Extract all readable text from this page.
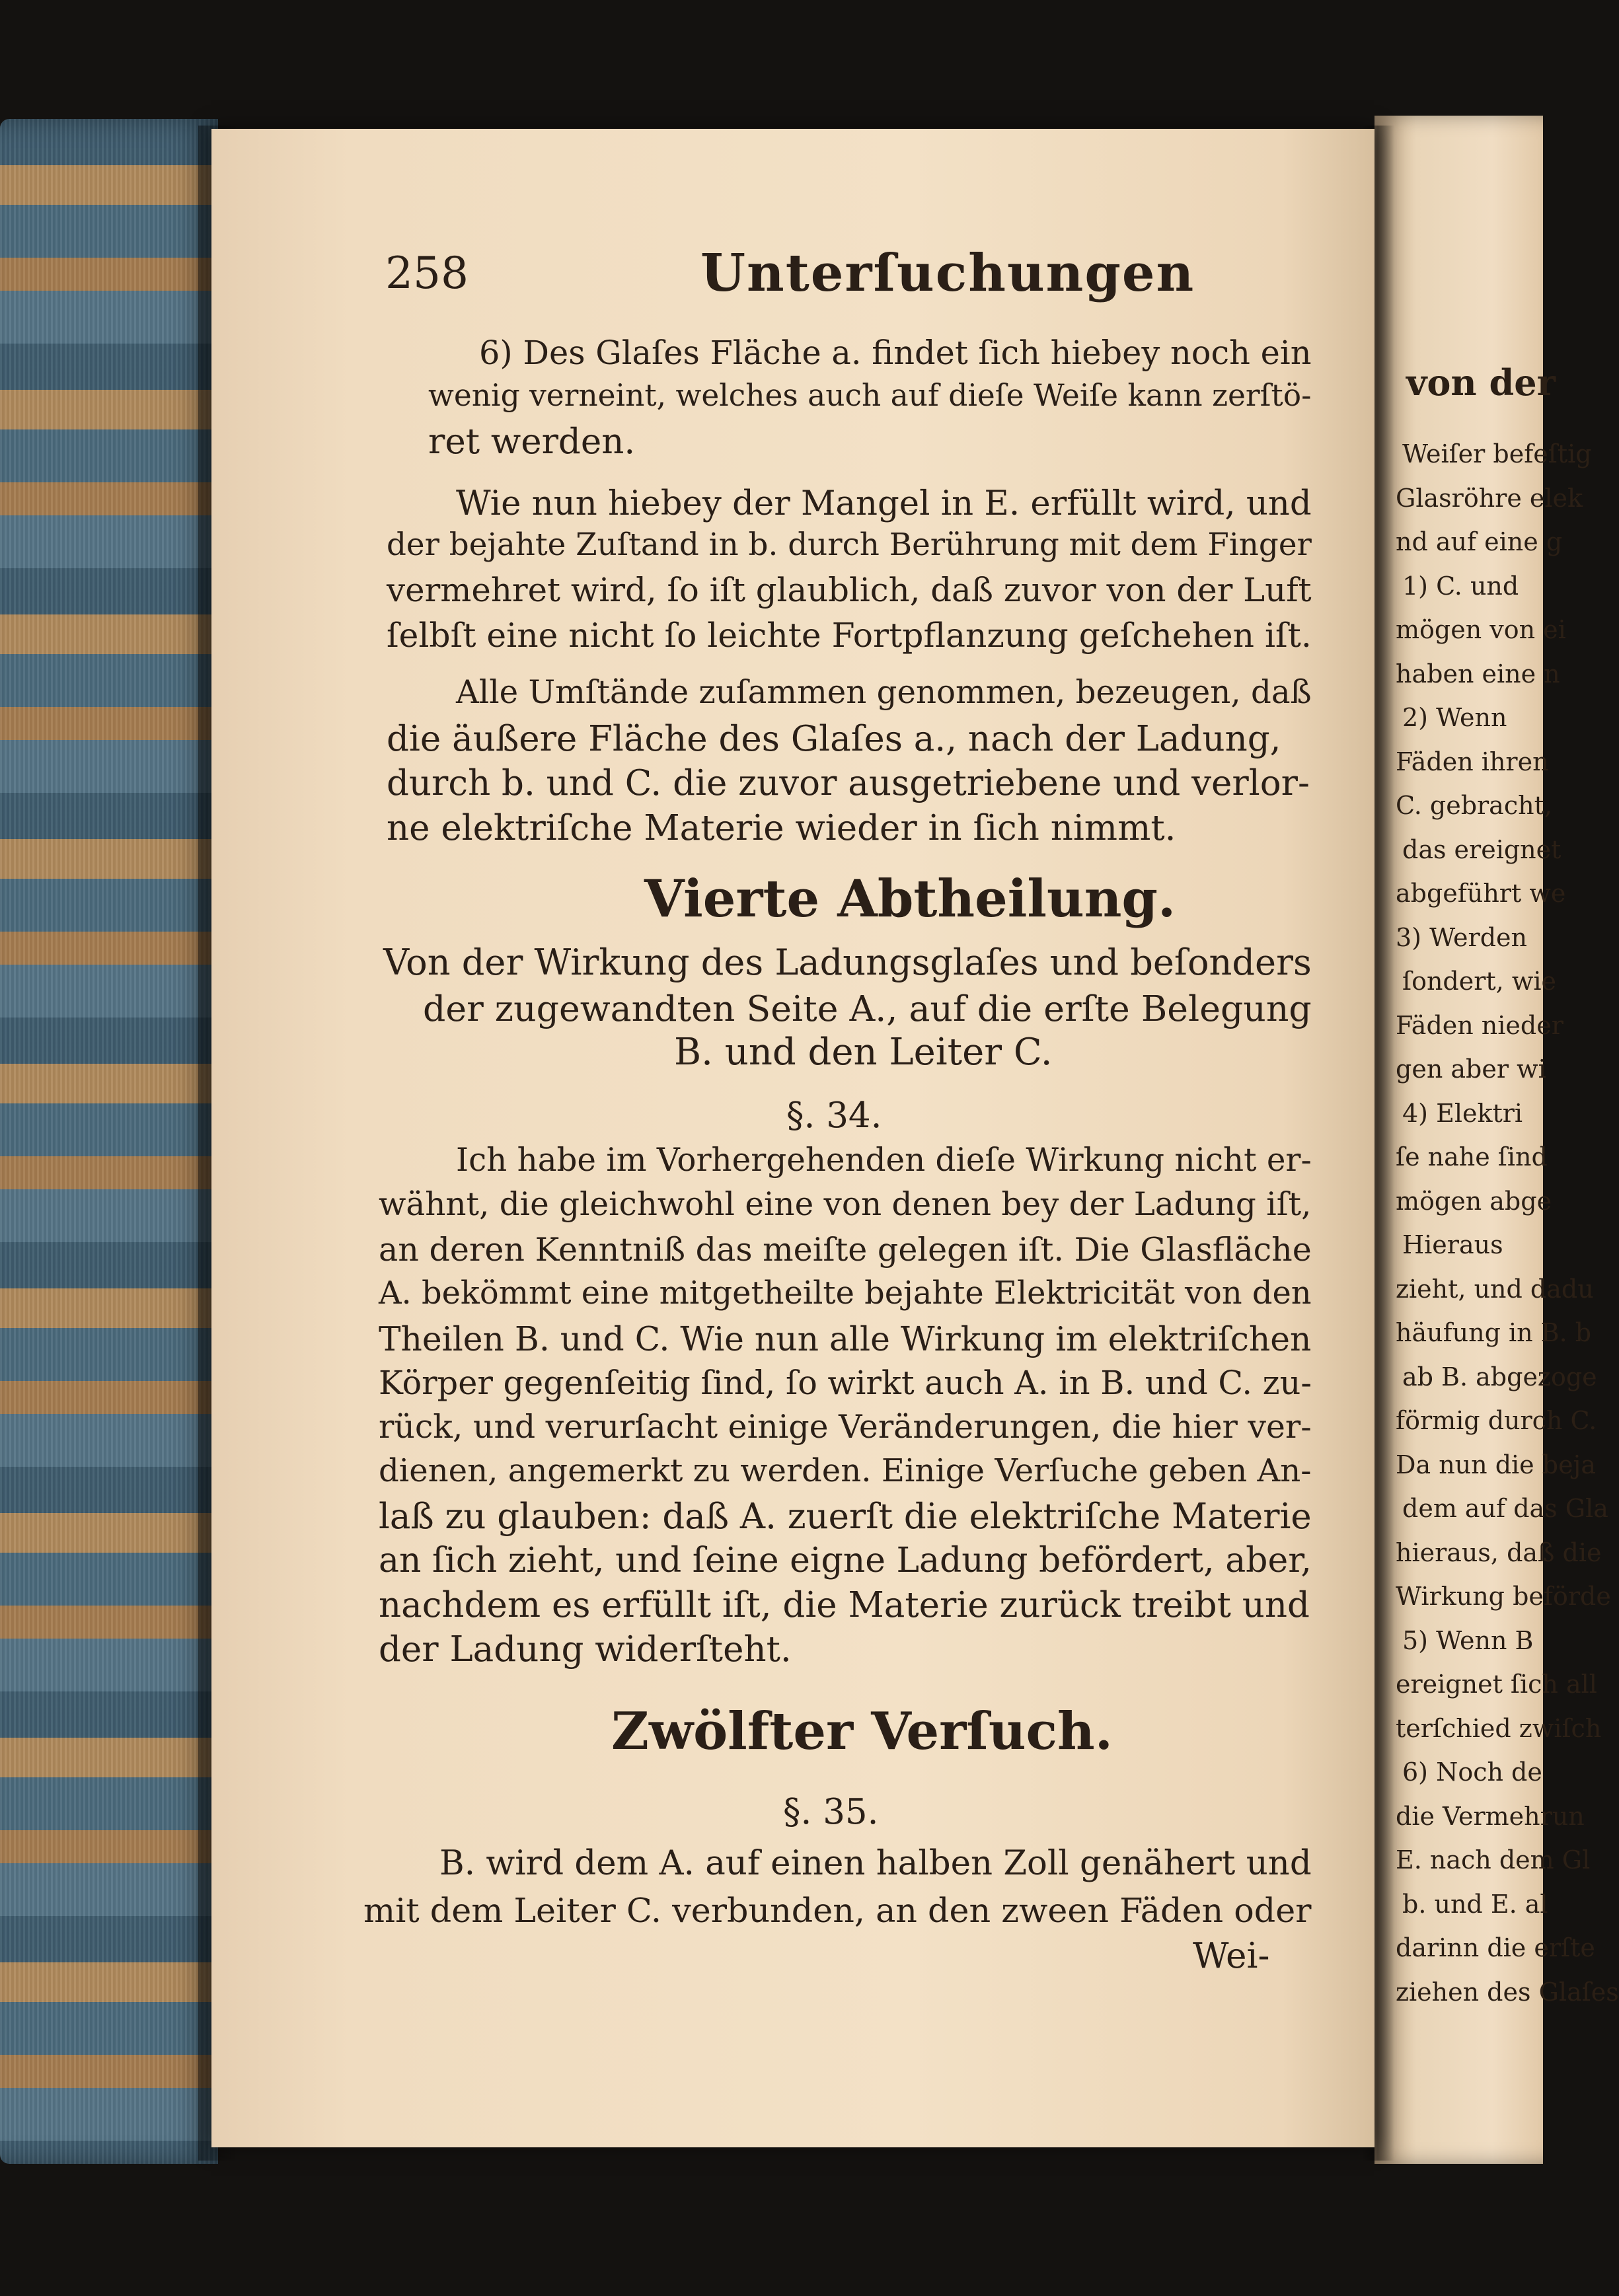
von der
Weiſer befeſtig
Glasröhre elek
nd auf eine g
1) C. und
mögen von ei
haben eine n
2) Wenn
Fäden ihren
C. gebracht,
das ereignet
abgeführt we
3) Werden
ſondert, wie
Fäden nieder
gen aber wi
4) Elektri
ſe nahe ſind
mögen abge
Hieraus
zieht, und dadu
häufung in B. b
ab B. abgezoge
förmig durch C.
Da nun die beja
dem auf das Gla
hieraus, daß die
Wirkung beförde
5) Wenn B
ereignet ſich all
terſchied zwiſch
6) Noch de
die Vermehrun
E. nach dem Gl
b. und E. al
darinn die erſte
ziehen des Glaſes
258	Unterſuchungen
6) Des Glaſes Fläche a. findet ſich hiebey noch ein
wenig verneint, welches auch auf dieſe Weiſe kann zerſtö-
ret werden.
Wie nun hiebey der Mangel in E. erfüllt wird, und
der bejahte Zuſtand in b. durch Berührung mit dem Finger
vermehret wird, ſo iſt glaublich, daß zuvor von der Luft
ſelbſt eine nicht ſo leichte Fortpflanzung geſchehen iſt.
Alle Umſtände zuſammen genommen, bezeugen, daß
die äußere Fläche des Glaſes a., nach der Ladung,
durch b. und C. die zuvor ausgetriebene und verlor-
ne elektriſche Materie wieder in ſich nimmt.
Vierte Abtheilung.
Von der Wirkung des Ladungsglaſes und beſonders
der zugewandten Seite A., auf die erſte Belegung
B. und den Leiter C.
§. 34.
Ich habe im Vorhergehenden dieſe Wirkung nicht er-
wähnt, die gleichwohl eine von denen bey der Ladung iſt,
an deren Kenntniß das meiſte gelegen iſt. Die Glasfläche
A. bekömmt eine mitgetheilte bejahte Elektricität von den
Theilen B. und C. Wie nun alle Wirkung im elektriſchen
Körper gegenſeitig ſind, ſo wirkt auch A. in B. und C. zu-
rück, und verurſacht einige Veränderungen, die hier ver-
dienen, angemerkt zu werden. Einige Verſuche geben An-
laß zu glauben: daß A. zuerſt die elektriſche Materie
an ſich zieht, und ſeine eigne Ladung befördert, aber,
nachdem es erfüllt iſt, die Materie zurück treibt und
der Ladung widerſteht.
Zwölfter Verſuch.
§. 35.
B. wird dem A. auf einen halben Zoll genähert und
mit dem Leiter C. verbunden, an den zween Fäden oder
Wei-
